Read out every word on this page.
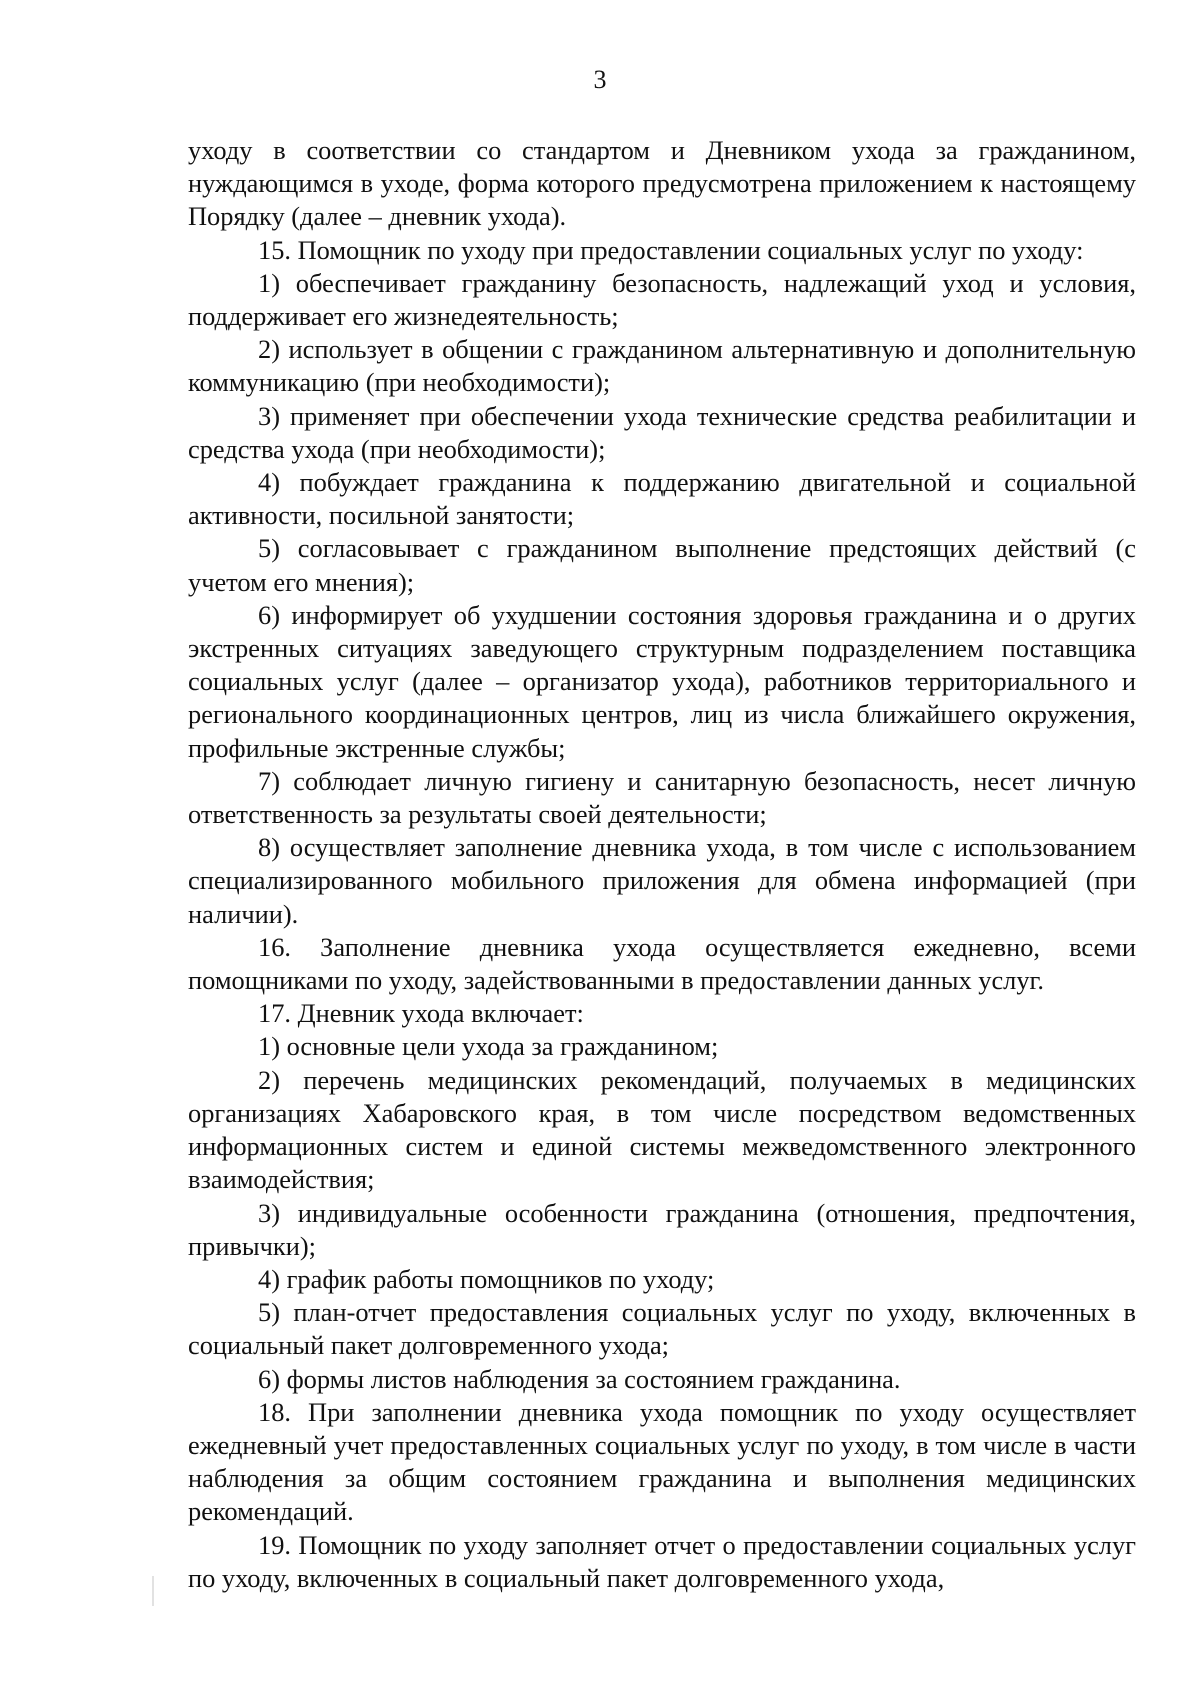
3

уходу в соответствии со стандартом и Дневником ухода за гражданином, нуждающимся в уходе, форма которого предусмотрена приложением к настоящему Порядку (далее – дневник ухода).

15. Помощник по уходу при предоставлении социальных услуг по уходу:

1) обеспечивает гражданину безопасность, надлежащий уход и условия, поддерживает его жизнедеятельность;

2) использует в общении с гражданином альтернативную и дополнительную коммуникацию (при необходимости);

3) применяет при обеспечении ухода технические средства реабилитации и средства ухода (при необходимости);

4) побуждает гражданина к поддержанию двигательной и социальной активности, посильной занятости;

5) согласовывает с гражданином выполнение предстоящих действий (с учетом его мнения);

6) информирует об ухудшении состояния здоровья гражданина и о других экстренных ситуациях заведующего структурным подразделением поставщика социальных услуг (далее – организатор ухода), работников территориального и регионального координационных центров, лиц из числа ближайшего окружения, профильные экстренные службы;

7) соблюдает личную гигиену и санитарную безопасность, несет личную ответственность за результаты своей деятельности;

8) осуществляет заполнение дневника ухода, в том числе с использованием специализированного мобильного приложения для обмена информацией (при наличии).

16. Заполнение дневника ухода осуществляется ежедневно, всеми помощниками по уходу, задействованными в предоставлении данных услуг.

17. Дневник ухода включает:

1) основные цели ухода за гражданином;

2) перечень медицинских рекомендаций, получаемых в медицинских организациях Хабаровского края, в том числе посредством ведомственных информационных систем и единой системы межведомственного электронного взаимодействия;

3) индивидуальные особенности гражданина (отношения, предпочтения, привычки);

4) график работы помощников по уходу;

5) план-отчет предоставления социальных услуг по уходу, включенных в социальный пакет долговременного ухода;

6) формы листов наблюдения за состоянием гражданина.

18. При заполнении дневника ухода помощник по уходу осуществляет ежедневный учет предоставленных социальных услуг по уходу, в том числе в части наблюдения за общим состоянием гражданина и выполнения медицинских рекомендаций.

19. Помощник по уходу заполняет отчет о предоставлении социальных услуг по уходу, включенных в социальный пакет долговременного ухода,
